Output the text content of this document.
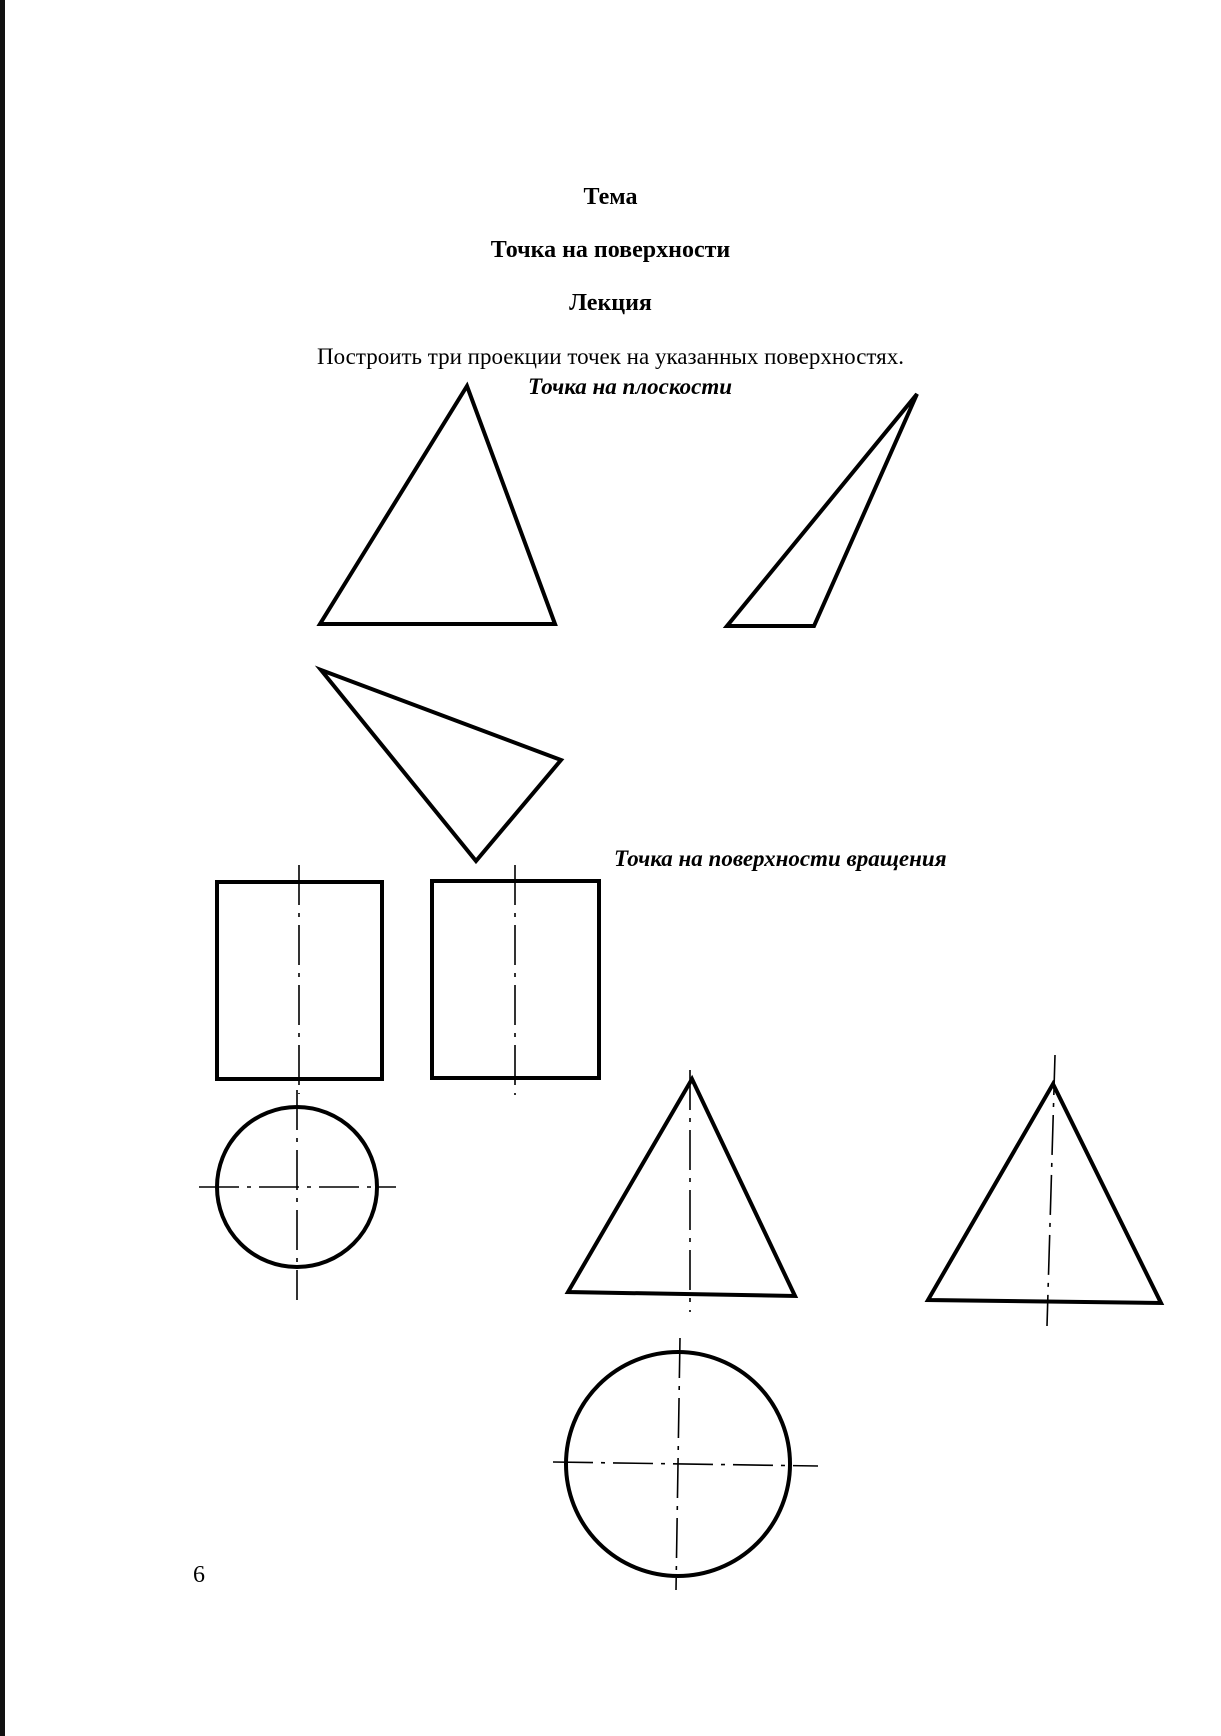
Тема
Точка на поверхности
Лекция

Построить три проекции точек на указанных поверхностях.

Точка на плоскости

Точка на поверхности вращения

6
